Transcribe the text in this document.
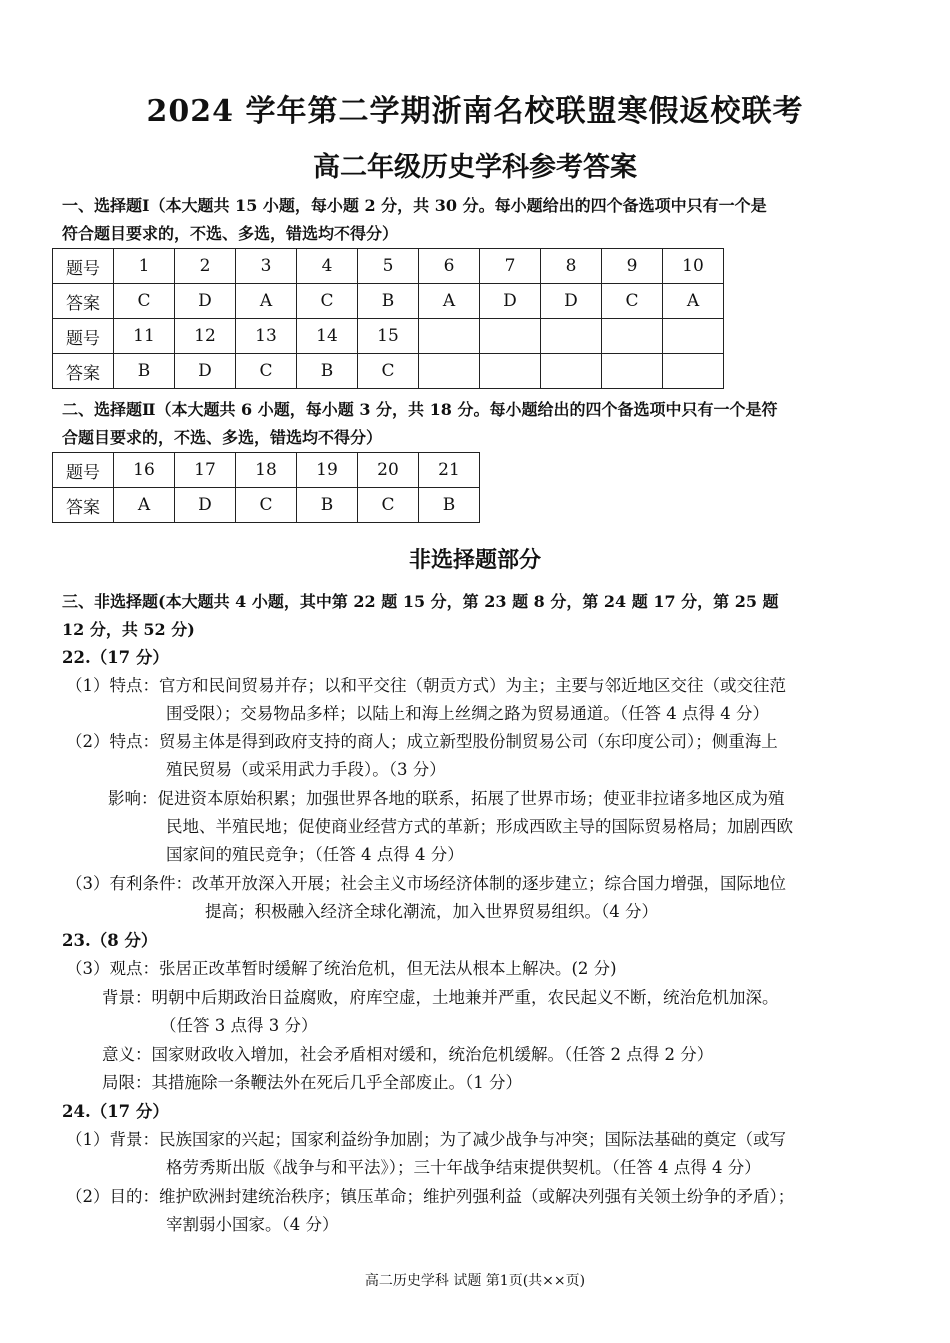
2024 学年第二学期浙南名校联盟寒假返校联考
高二年级历史学科参考答案
一、选择题Ⅰ（本大题共 15 小题，每小题 2 分，共 30 分。每小题给出的四个备选项中只有一个是
符合题目要求的，不选、多选，错选均不得分）
题号	1	2	3	4	5	6	7	8	9	10
答案	C	D	A	C	B	A	D	D	C	A
题号	11	12	13	14	15					
答案	B	D	C	B	C					
二、选择题Ⅱ（本大题共 6 小题，每小题 3 分，共 18 分。每小题给出的四个备选项中只有一个是符
合题目要求的，不选、多选，错选均不得分）
题号	16	17	18	19	20	21
答案	A	D	C	B	C	B
非选择题部分
三、非选择题(本大题共 4 小题，其中第 22 题 15 分，第 23 题 8 分，第 24 题 17 分，第 25 题
12 分，共 52 分)
22.（17 分）
（1）特点：官方和民间贸易并存；以和平交往（朝贡方式）为主；主要与邻近地区交往（或交往范
围受限）；交易物品多样；以陆上和海上丝绸之路为贸易通道。（任答 4 点得 4 分）
（2）特点：贸易主体是得到政府支持的商人；成立新型股份制贸易公司（东印度公司）；侧重海上
殖民贸易（或采用武力手段）。（3 分）
影响：促进资本原始积累；加强世界各地的联系，拓展了世界市场；使亚非拉诸多地区成为殖
民地、半殖民地；促使商业经营方式的革新；形成西欧主导的国际贸易格局；加剧西欧
国家间的殖民竞争；（任答 4 点得 4 分）
（3）有利条件：改革开放深入开展；社会主义市场经济体制的逐步建立；综合国力增强，国际地位
提高；积极融入经济全球化潮流，加入世界贸易组织。（4 分）
23.（8 分）
（3）观点：张居正改革暂时缓解了统治危机，但无法从根本上解决。(2 分)
背景：明朝中后期政治日益腐败，府库空虚，土地兼并严重，农民起义不断，统治危机加深。
（任答 3 点得 3 分）
意义：国家财政收入增加，社会矛盾相对缓和，统治危机缓解。（任答 2 点得 2 分）
局限：其措施除一条鞭法外在死后几乎全部废止。（1 分）
24.（17 分）
（1）背景：民族国家的兴起；国家利益纷争加剧；为了减少战争与冲突；国际法基础的奠定（或写
格劳秀斯出版《战争与和平法》）；三十年战争结束提供契机。（任答 4 点得 4 分）
（2）目的：维护欧洲封建统治秩序；镇压革命；维护列强利益（或解决列强有关领土纷争的矛盾）；
宰割弱小国家。（4 分）
高二历史学科 试题 第1页(共××页)
